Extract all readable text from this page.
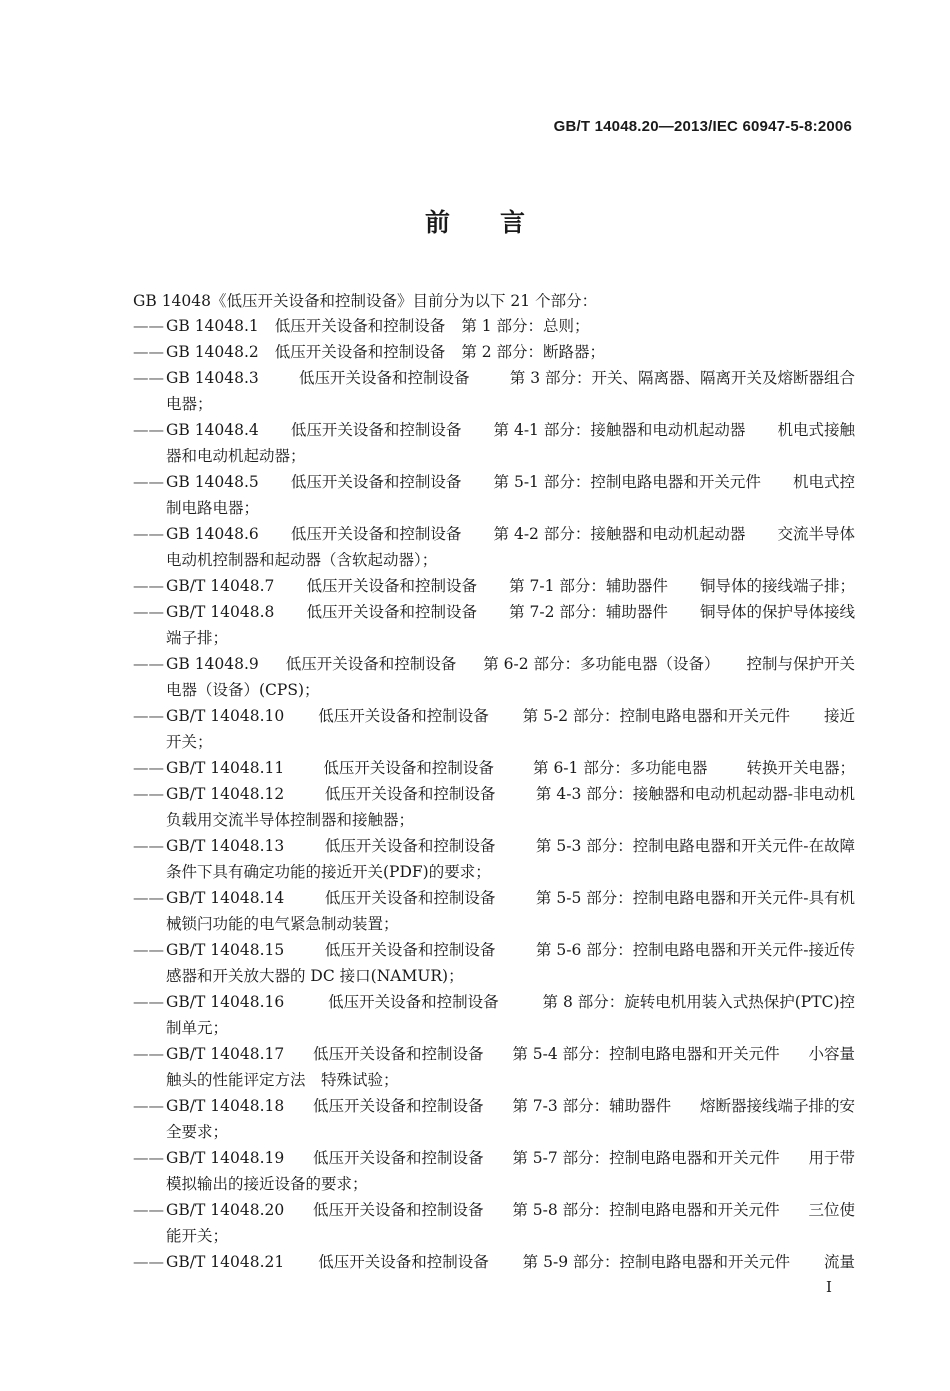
GB/T 14048.20—2013/IEC 60947-5-8:2006
前言
GB 14048《低压开关设备和控制设备》目前分为以下 21 个部分：
—— GB 14048.1 低压开关设备和控制设备 第 1 部分：总则；
—— GB 14048.2 低压开关设备和控制设备 第 2 部分：断路器；
—— GB 14048.3	低压开关设备和控制设备	第 3 部分：开关、隔离器、隔离开关及熔断器组合
电器；
—— GB 14048.4 低压开关设备和控制设备 第 4-1 部分：接触器和电动机起动器 机电式接触
器和电动机起动器；
—— GB 14048.5 低压开关设备和控制设备 第 5-1 部分：控制电路电器和开关元件 机电式控
制电路电器；
—— GB 14048.6 低压开关设备和控制设备 第 4-2 部分：接触器和电动机起动器 交流半导体
电动机控制器和起动器（含软起动器）；
—— GB/T 14048.7 低压开关设备和控制设备 第 7-1 部分：辅助器件 铜导体的接线端子排；
—— GB/T 14048.8 低压开关设备和控制设备 第 7-2 部分：辅助器件 铜导体的保护导体接线
端子排；
—— GB 14048.9 低压开关设备和控制设备 第 6-2 部分：多功能电器（设备） 控制与保护开关
电器（设备）(CPS)；
—— GB/T 14048.10 低压开关设备和控制设备 第 5-2 部分：控制电路电器和开关元件 接近
开关；
—— GB/T 14048.11	低压开关设备和控制设备	第 6-1 部分：多功能电器	转换开关电器；
—— GB/T 14048.12	低压开关设备和控制设备	第 4-3 部分：接触器和电动机起动器-非电动机
负载用交流半导体控制器和接触器；
—— GB/T 14048.13	低压开关设备和控制设备	第 5-3 部分：控制电路电器和开关元件-在故障
条件下具有确定功能的接近开关(PDF)的要求；
—— GB/T 14048.14	低压开关设备和控制设备	第 5-5 部分：控制电路电器和开关元件-具有机
械锁闩功能的电气紧急制动装置；
—— GB/T 14048.15	低压开关设备和控制设备	第 5-6 部分：控制电路电器和开关元件-接近传
感器和开关放大器的 DC 接口(NAMUR)；
—— GB/T 14048.16	低压开关设备和控制设备	第 8 部分：旋转电机用装入式热保护(PTC)控
制单元；
—— GB/T 14048.17 低压开关设备和控制设备 第 5-4 部分：控制电路电器和开关元件 小容量
触头的性能评定方法　特殊试验；
—— GB/T 14048.18 低压开关设备和控制设备 第 7-3 部分：辅助器件 熔断器接线端子排的安
全要求；
—— GB/T 14048.19 低压开关设备和控制设备 第 5-7 部分：控制电路电器和开关元件 用于带
模拟输出的接近设备的要求；
—— GB/T 14048.20 低压开关设备和控制设备 第 5-8 部分：控制电路电器和开关元件 三位使
能开关；
—— GB/T 14048.21 低压开关设备和控制设备 第 5-9 部分：控制电路电器和开关元件 流量
I
